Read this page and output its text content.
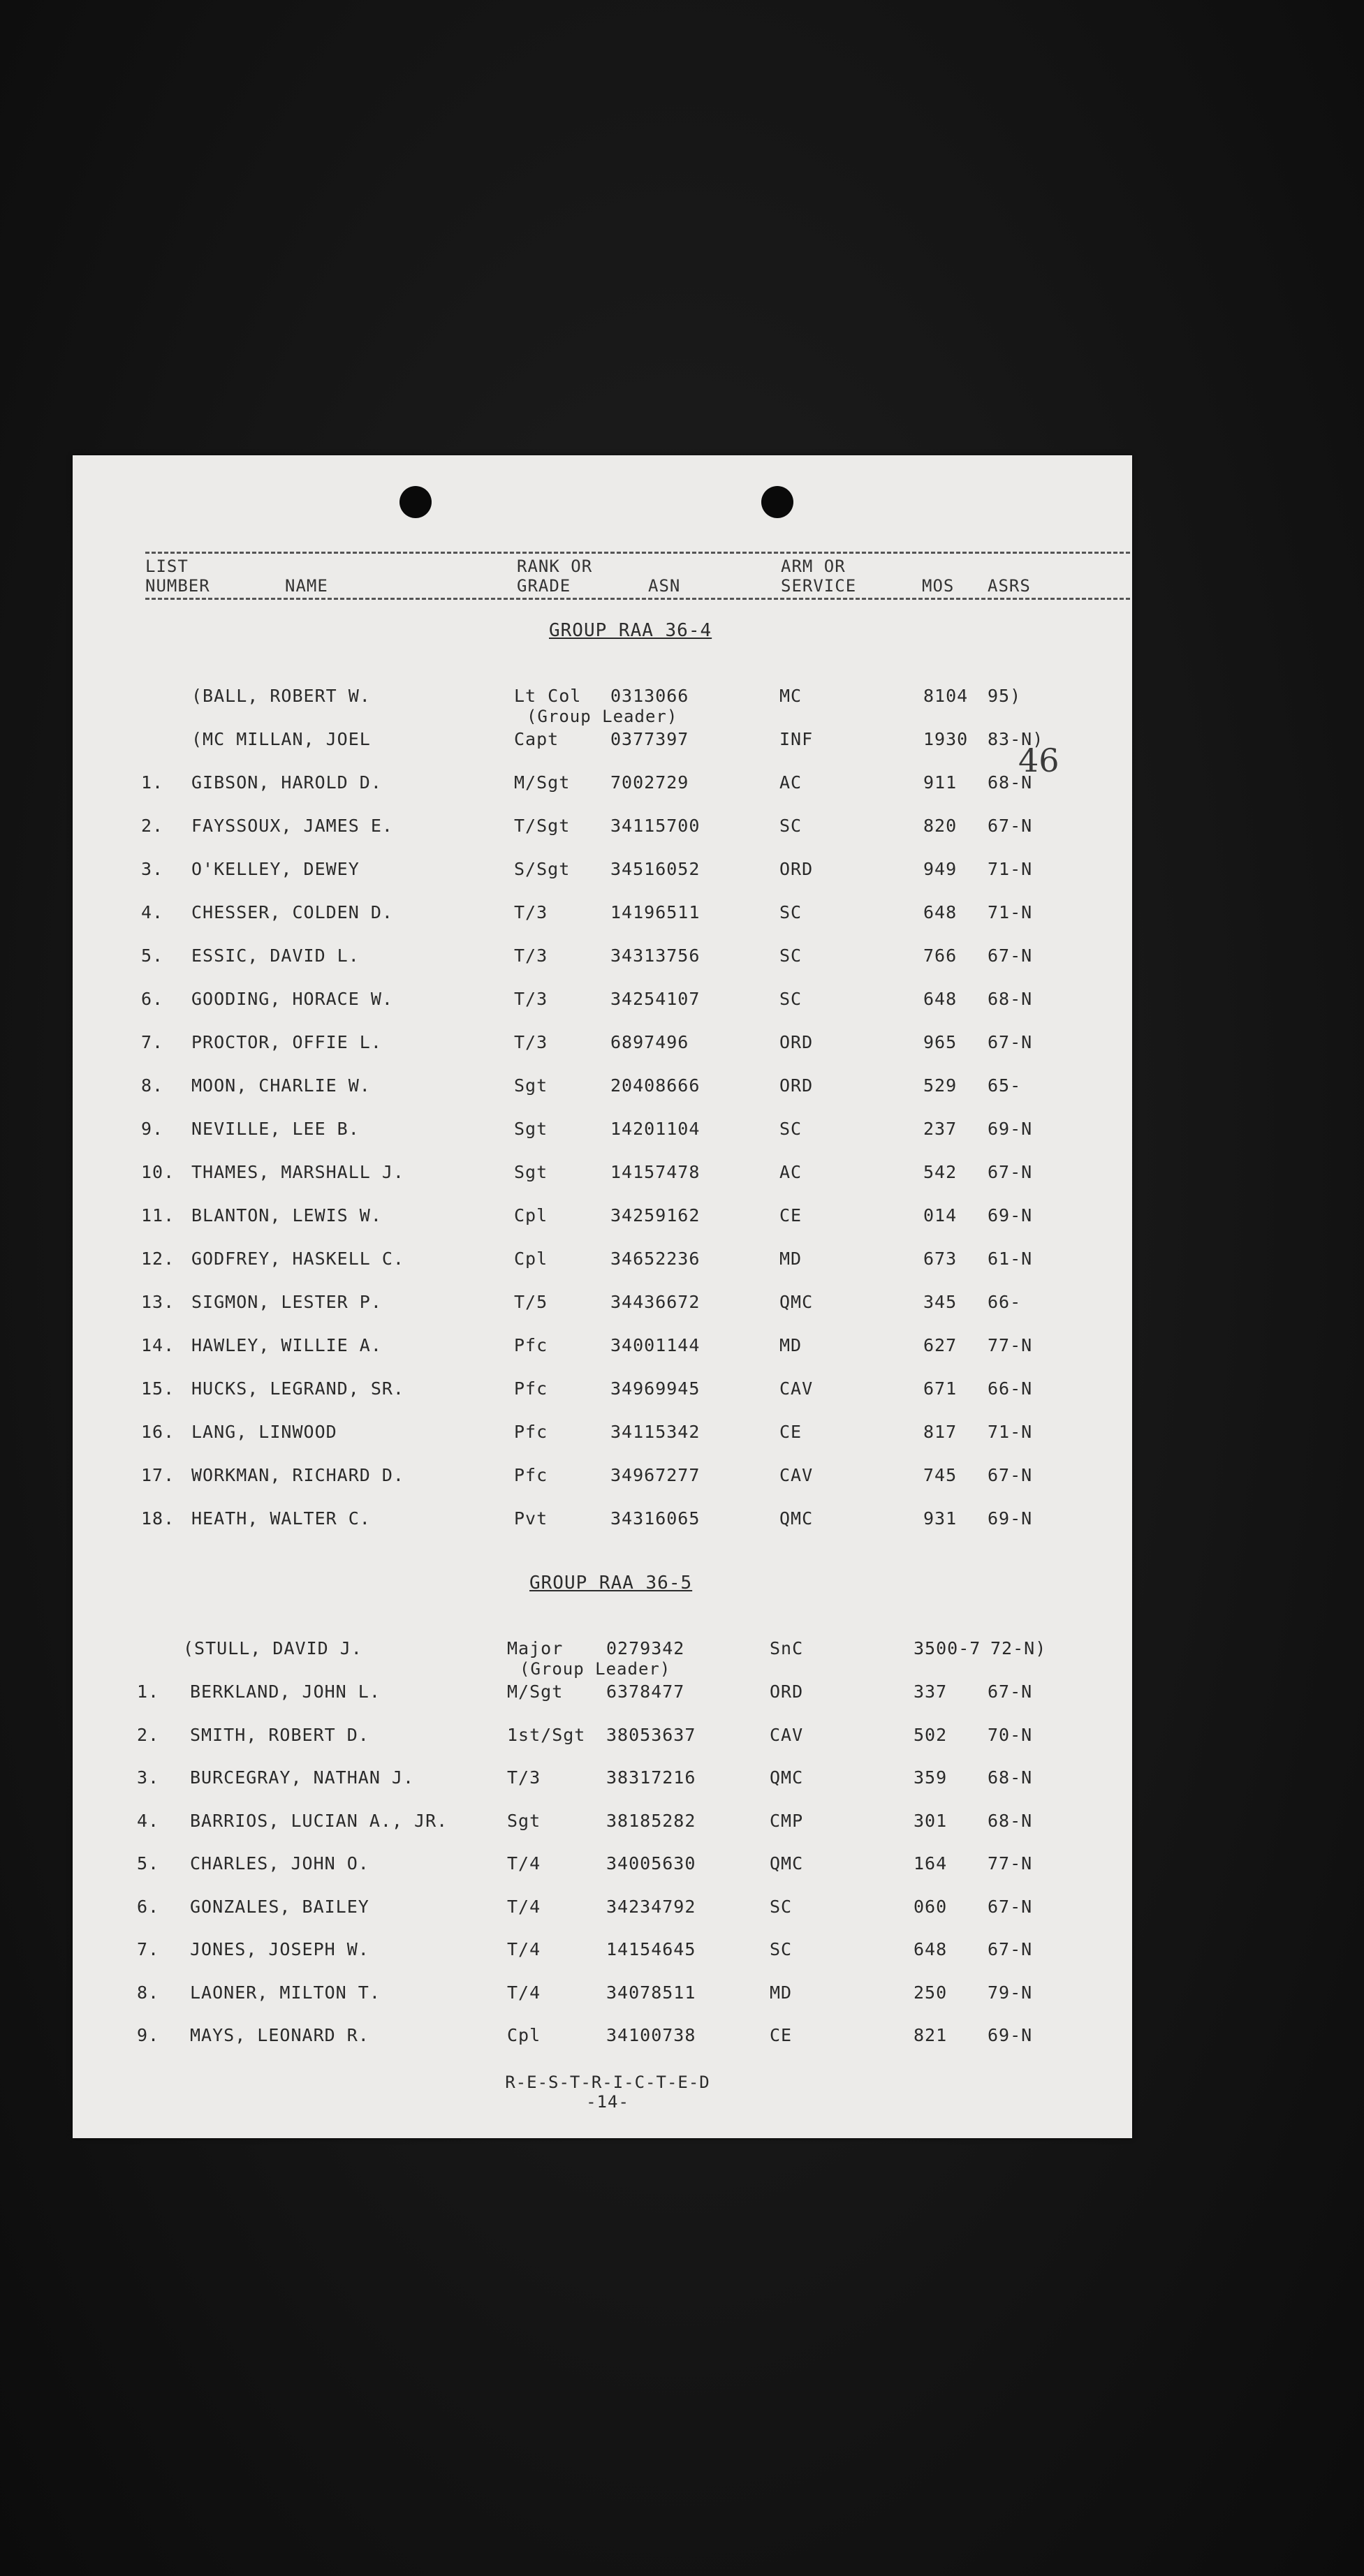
LIST
NUMBER	NAME
RANK OR
GRADE	ASN
ARM OR
SERVICE	MOS ASRS
46
GROUP RAA 36-4
(BALL, ROBERT W.	Lt Col 0313066	MC	8104 95)
(Group Leader)
(MC MILLAN, JOEL	Capt	0377397	INF	1930 83-N)
1. GIBSON, HAROLD D.	M/Sgt 7002729	AC	911 68-N
2. FAYSSOUX, JAMES E.	T/Sgt 34115700	SC	820 67-N
3. O'KELLEY, DEWEY	S/Sgt 34516052	ORD	949 71-N
4. CHESSER, COLDEN D.	T/3	14196511	SC	648 71-N
5. ESSIC, DAVID L.	T/3	34313756	SC	766 67-N
6. GOODING, HORACE W.	T/3	34254107	SC	648 68-N
7. PROCTOR, OFFIE L.	T/3	6897496	ORD	965 67-N
8. MOON, CHARLIE W.	Sgt	20408666	ORD	529 65-
9. NEVILLE, LEE B.	Sgt	14201104	SC	237 69-N
10. THAMES, MARSHALL J.	Sgt	14157478	AC	542 67-N
11. BLANTON, LEWIS W.	Cpl	34259162	CE	014 69-N
12. GODFREY, HASKELL C.	Cpl	34652236	MD	673 61-N
13. SIGMON, LESTER P.	T/5	34436672	QMC	345 66-
14. HAWLEY, WILLIE A.	Pfc	34001144	MD	627 77-N
15. HUCKS, LEGRAND, SR.	Pfc	34969945	CAV	671 66-N
16. LANG, LINWOOD	Pfc	34115342	CE	817 71-N
17. WORKMAN, RICHARD D.	Pfc	34967277	CAV	745 67-N
18. HEATH, WALTER C.	Pvt	34316065	QMC	931 69-N
GROUP RAA 36-5
(STULL, DAVID J.	Major 0279342	SnC	3500-7 72-N)
(Group Leader)
1. BERKLAND, JOHN L.	M/Sgt 6378477	ORD	337 67-N
2. SMITH, ROBERT D.	1st/Sgt 38053637	CAV	502 70-N
3. BURCEGRAY, NATHAN J.	T/3	38317216	QMC	359 68-N
4. BARRIOS, LUCIAN A., JR.	Sgt	38185282	CMP	301 68-N
5. CHARLES, JOHN O.	T/4	34005630	QMC	164 77-N
6. GONZALES, BAILEY	T/4	34234792	SC	060 67-N
7. JONES, JOSEPH W.	T/4	14154645	SC	648 67-N
8. LAONER, MILTON T.	T/4	34078511	MD	250 79-N
9. MAYS, LEONARD R.	Cpl	34100738	CE	821 69-N
R-E-S-T-R-I-C-T-E-D
-14-
